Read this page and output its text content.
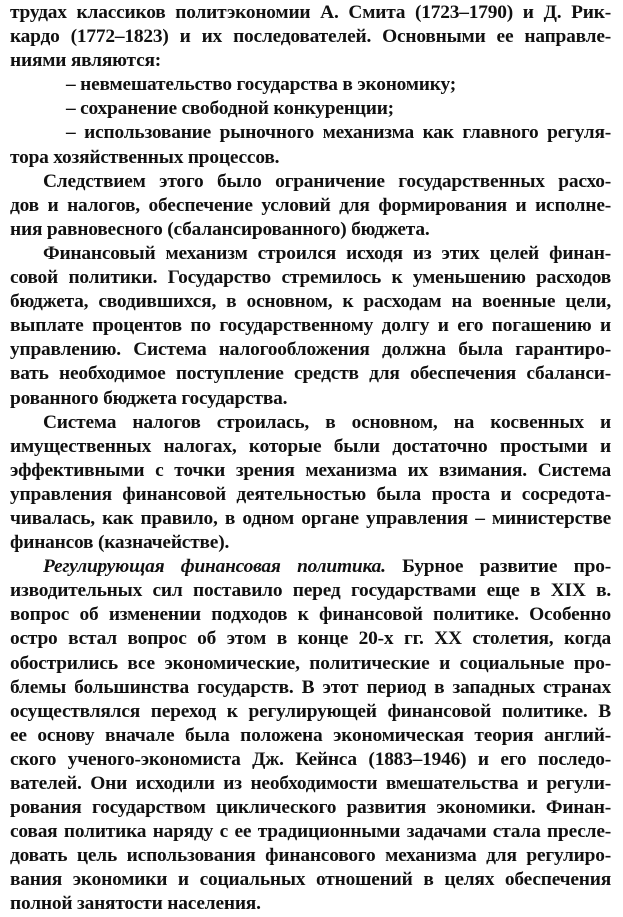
трудах классиков политэкономии А. Смита (1723–1790) и Д. Рик-
кардо (1772–1823) и их последователей. Основными ее направле-
ниями являются:
– невмешательство государства в экономику;
– сохранение свободной конкуренции;
– использование рыночного механизма как главного регуля-
тора хозяйственных процессов.
Следствием этого было ограничение государственных расхо-
дов и налогов, обеспечение условий для формирования и исполне-
ния равновесного (сбалансированного) бюджета.
Финансовый механизм строился исходя из этих целей финан-
совой политики. Государство стремилось к уменьшению расходов
бюджета, сводившихся, в основном, к расходам на военные цели,
выплате процентов по государственному долгу и его погашению и
управлению. Система налогообложения должна была гарантиро-
вать необходимое поступление средств для обеспечения сбаланси-
рованного бюджета государства.
Система налогов строилась, в основном, на косвенных и
имущественных налогах, которые были достаточно простыми и
эффективными с точки зрения механизма их взимания. Система
управления финансовой деятельностью была проста и сосредота-
чивалась, как правило, в одном органе управления – министерстве
финансов (казначействе).
Регулирующая финансовая политика. Бурное развитие про-
изводительных сил поставило перед государствами еще в XIX в.
вопрос об изменении подходов к финансовой политике. Особенно
остро встал вопрос об этом в конце 20-х гг. XX столетия, когда
обострились все экономические, политические и социальные про-
блемы большинства государств. В этот период в западных странах
осуществлялся переход к регулирующей финансовой политике. В
ее основу вначале была положена экономическая теория англий-
ского ученого-экономиста Дж. Кейнса (1883–1946) и его последо-
вателей. Они исходили из необходимости вмешательства и регули-
рования государством циклического развития экономики. Финан-
совая политика наряду с ее традиционными задачами стала пресле-
довать цель использования финансового механизма для регулиро-
вания экономики и социальных отношений в целях обеспечения
полной занятости населения.
